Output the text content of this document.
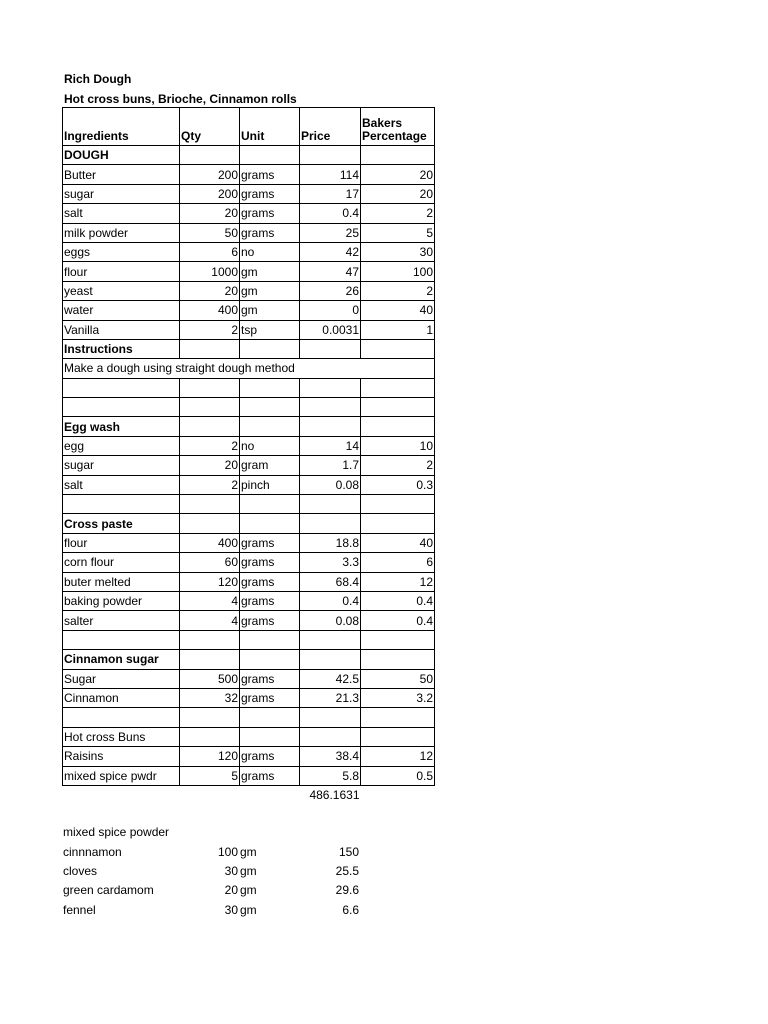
Rich Dough
Hot cross buns, Brioche, Cinnamon rolls
Ingredients	Qty	Unit	Price	Bakers
Percentage
DOUGH				
Butter	200	grams	114	20
sugar	200	grams	17	20
salt	20	grams	0.4	2
milk powder	50	grams	25	5
eggs	6	no	42	30
flour	1000	gm	47	100
yeast	20	gm	26	2
water	400	gm	0	40
Vanilla	2	tsp	0.0031	1
Instructions				
Make a dough using straight dough method				

Egg wash				
egg	2	no	14	10
sugar	20	gram	1.7	2
salt	2	pinch	0.08	0.3

Cross paste				
flour	400	grams	18.8	40
corn flour	60	grams	3.3	6
buter melted	120	grams	68.4	12
baking powder	4	grams	0.4	0.4
salter	4	grams	0.08	0.4

Cinnamon sugar				
Sugar	500	grams	42.5	50
Cinnamon	32	grams	21.3	3.2

Hot cross Buns				
Raisins	120	grams	38.4	12
mixed spice pwdr	5	grams	5.8	0.5
			486.1631	
mixed spice powder			
cinnnamon	100	gm	150
cloves	30	gm	25.5
green cardamom	20	gm	29.6
fennel	30	gm	6.6
